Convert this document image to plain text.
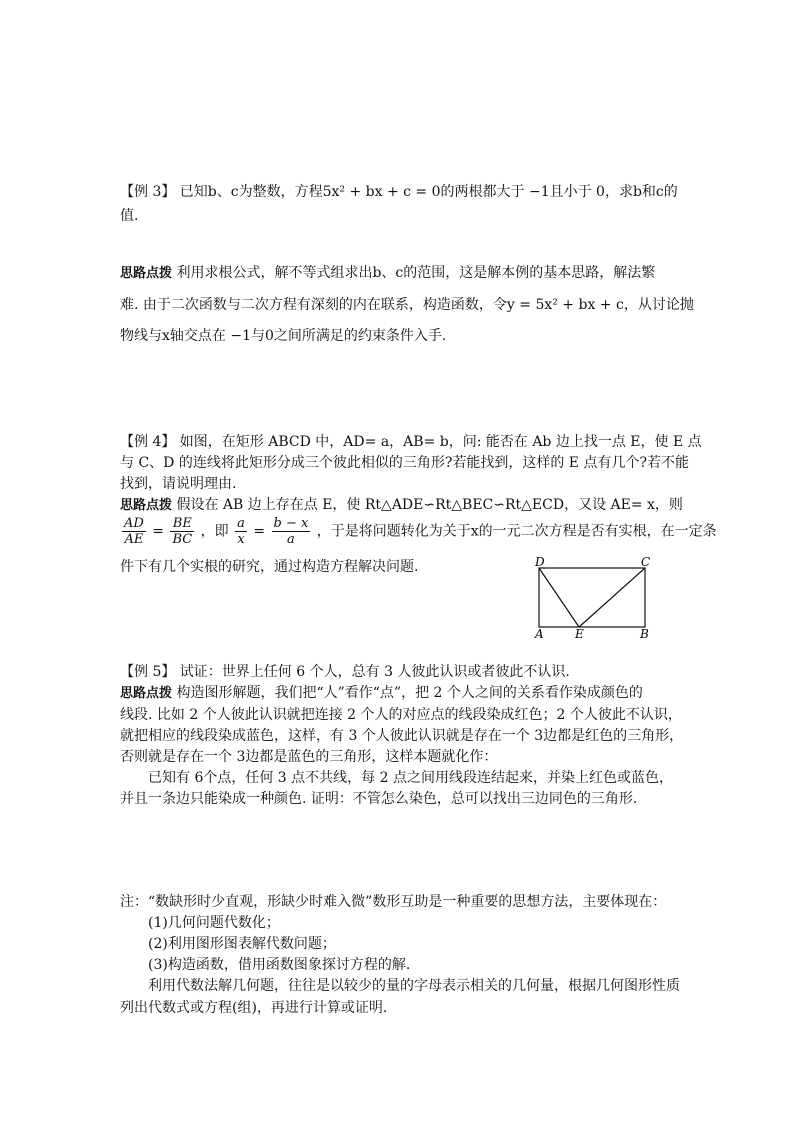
【例 3】 已知b、c为整数，方程5x² + bx + c = 0的两根都大于 −1且小于 0，求b和c的
值.
思路点拨 利用求根公式，解不等式组求出b、c的范围，这是解本例的基本思路，解法繁
难. 由于二次函数与二次方程有深刻的内在联系，构造函数，令y = 5x² + bx + c，从讨论抛
物线与x轴交点在 −1与0之间所满足的约束条件入手.
【例 4】 如图，在矩形 ABCD 中，AD= a，AB= b，问: 能否在 Ab 边上找一点 E，使 E 点
与 C、D 的连线将此矩形分成三个彼此相似的三角形?若能找到，这样的 E 点有几个?若不能
找到，请说明理由.
思路点拨 假设在 AB 边上存在点 E，使 Rt△ADE∽Rt△BEC∽Rt△ECD，又设 AE= x，则
$\frac{AD}{AE} = \frac{BE}{BC}$ ，即 $\frac{a}{x} = \frac{b - x}{a}$ ，于是将问题转化为关于x的一元二次方程是否有实根，在一定条
件下有几个实根的研究，通过构造方程解决问题.	D	C
A	E	B
【例 5】 试证：世界上任何 6 个人，总有 3 人彼此认识或者彼此不认识.
思路点拨 构造图形解题，我们把“人”看作“点”，把 2 个人之间的关系看作染成颜色的
线段. 比如 2 个人彼此认识就把连接 2 个人的对应点的线段染成红色；2 个人彼此不认识，
就把相应的线段染成蓝色，这样，有 3 个人彼此认识就是存在一个 3边都是红色的三角形，
否则就是存在一个 3边都是蓝色的三角形，这样本题就化作：
已知有 6个点，任何 3 点不共线，每 2 点之间用线段连结起来，并染上红色或蓝色，
并且一条边只能染成一种颜色. 证明：不管怎么染色，总可以找出三边同色的三角形.
注：“数缺形时少直观，形缺少时难入微”数形互助是一种重要的思想方法，主要体现在：
(1)几何问题代数化；
(2)利用图形图表解代数问题；
(3)构造函数，借用函数图象探讨方程的解.
利用代数法解几何题，往往是以较少的量的字母表示相关的几何量，根据几何图形性质
列出代数式或方程(组)，再进行计算或证明.
